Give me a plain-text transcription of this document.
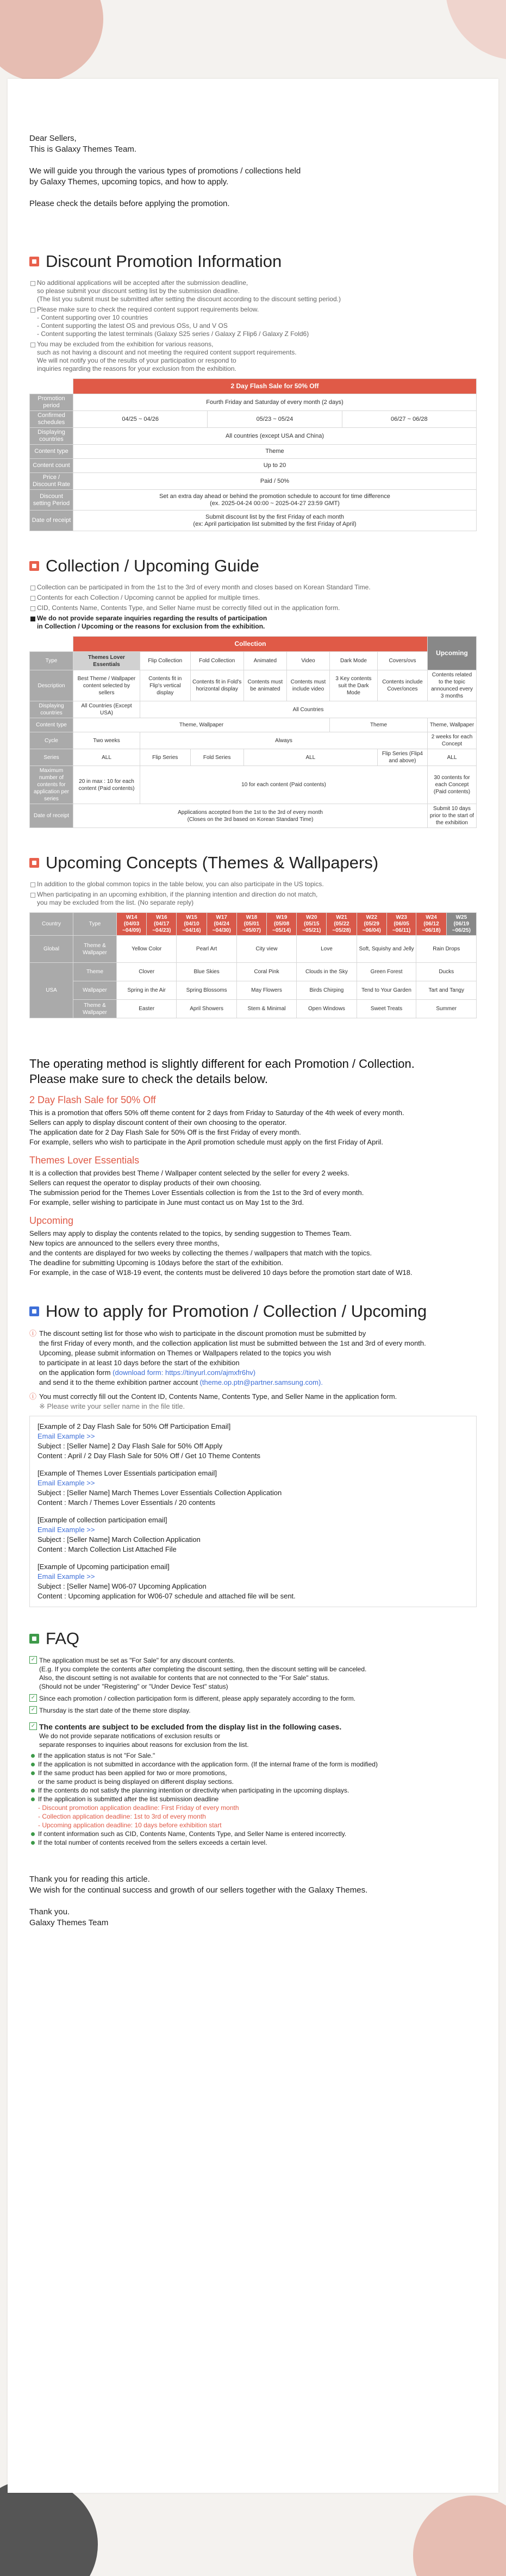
Dear Sellers,

This is Galaxy Themes Team.

We will guide you through the various types of promotions / collections held

by Galaxy Themes, upcoming topics, and how to apply.

Please check the details before applying the promotion.

Discount Promotion Information

No additional applications will be accepted after the submission deadline,
so please submit your discount setting list by the submission deadline.
(The list you submit must be submitted after setting the discount according to the discount setting period.)

Please make sure to check the required content support requirements below.
- Content supporting over 10 countries
- Content supporting the latest OS and previous OSs, U and V OS
- Content supporting the latest terminals (Galaxy S25 series / Galaxy Z Flip6 / Galaxy Z Fold6)

You may be excluded from the exhibition for various reasons,
such as not having a discount and not meeting the required content support requirements.
We will not notify you of the results of your participation or respond to
inquiries regarding the reasons for your exclusion from the exhibition.

	2 Day Flash Sale for 50% Off		
Promotion period	Fourth Friday and Saturday of every month (2 days)		
Confirmed schedules	04/25 ~ 04/26	05/23 ~ 05/24	06/27 ~ 06/28
Displaying countries	All countries (except USA and China)		
Content type	Theme		
Content count	Up to 20		
Price / Discount Rate	Paid / 50%		
Discount setting Period	Set an extra day ahead or behind the promotion schedule to account for time difference
(ex. 2025-04-24 00:00 ~ 2025-04-27 23:59 GMT)		
Date of receipt	Submit discount list by the first Friday of each month
(ex: April participation list submitted by the first Friday of April)		
Collection / Upcoming Guide

Collection can be participated in from the 1st to the 3rd of every month and closes based on Korean Standard Time.

Contents for each Collection / Upcoming cannot be applied for multiple times.

CID, Contents Name, Contents Type, and Seller Name must be correctly filled out in the application form.

We do not provide separate inquiries regarding the results of participation
in Collection / Upcoming or the reasons for exclusion from the exhibition.

	Collection							Upcoming
Type	Themes Lover Essentials	Flip Collection	Fold Collection	Animated	Video	Dark Mode	Covers/ovs	
Description	Best Theme / Wallpaper content selected by sellers	Contents fit in Flip's vertical display	Contents fit in Fold's horizontal display	Contents must be animated	Contents must include video	3 Key contents suit the Dark Mode	Contents include Cover/onces	Contents related to the topic announced every 3 months
Displaying countries	All Countries (Except USA)	All Countries						
Content type	Theme, Wallpaper					Theme		Theme, Wallpaper
Cycle	Two weeks	Always						2 weeks for each Concept
Series	ALL	Flip Series	Fold Series	ALL			Flip Series (Flip4 and above)	ALL
Maximum number of contents for application per series	20 in max : 10 for each content (Paid contents)	10 for each content (Paid contents)						30 contents for each Concept (Paid contents)
Date of receipt	Applications accepted from the 1st to the 3rd of every month
(Closes on the 3rd based on Korean Standard Time)							Submit 10 days prior to the start of the exhibition
Upcoming Concepts (Themes & Wallpapers)

In addition to the global common topics in the table below, you can also participate in the US topics.

When participating in an upcoming exhibition, if the planning intention and direction do not match,
you may be excluded from the list. (No separate reply)

Country	Type	W14 (04/03 ~04/09)	W16 (04/17 ~04/23)	W15 (04/10 ~04/16)	W17 (04/24 ~04/30)	W18 (05/01 ~05/07)	W19 (05/08 ~05/14)	W20 (05/15 ~05/21)	W21 (05/22 ~05/28)	W22 (05/29 ~06/04)	W23 (06/05 ~06/11)	W24 (06/12 ~06/18)	W25 (06/19 ~06/25)
Global	Theme & Wallpaper	Yellow Color		Pearl Art		City view		Love		Soft, Squishy and Jelly		Rain Drops	
USA	Theme	Clover		Blue Skies		Coral Pink		Clouds in the Sky		Green Forest		Ducks	
	Wallpaper	Spring in the Air		Spring Blossoms		May Flowers		Birds Chirping		Tend to Your Garden		Tart and Tangy	
	Theme & Wallpaper	Easter		April Showers		Stem & Minimal		Open Windows		Sweet Treats		Summer	

The operating method is slightly different for each Promotion / Collection.

Please make sure to check the details below.

2 Day Flash Sale for 50% Off

This is a promotion that offers 50% off theme content for 2 days from Friday to Saturday of the 4th week of every month.

Sellers can apply to display discount content of their own choosing to the operator.

The application date for 2 Day Flash Sale for 50% Off is the first Friday of every month.

For example, sellers who wish to participate in the April promotion schedule must apply on the first Friday of April.

Themes Lover Essentials

It is a collection that provides best Theme / Wallpaper content selected by the seller for every 2 weeks.

Sellers can request the operator to display products of their own choosing.

The submission period for the Themes Lover Essentials collection is from the 1st to the 3rd of every month.

For example, seller wishing to participate in June must contact us on May 1st to the 3rd.

Upcoming

Sellers may apply to display the contents related to the topics, by sending suggestion to Themes Team.

New topics are announced to the sellers every three months,

and the contents are displayed for two weeks by collecting the themes / wallpapers that match with the topics.

The deadline for submitting Upcoming is 10days before the start of the exhibition.

For example, in the case of W18-19 event, the contents must be delivered 10 days before the promotion start date of W18.

How to apply for Promotion / Collection / Upcoming

ⓘ The discount setting list for those who wish to participate in the discount promotion must be submitted by
the first Friday of every month, and the collection application list must be submitted between the 1st and 3rd of every month.
Upcoming, please submit information on Themes or Wallpapers related to the topics you wish
to participate in at least 10 days before the start of the exhibition
on the application form (download form: https://tinyurl.com/ajmxfr6hv)
and send it to the theme exhibition partner account (theme.op.ptn@partner.samsung.com).

ⓘ You must correctly fill out the Content ID, Contents Name, Contents Type, and Seller Name in the application form.
※ Please write your seller name in the file title.

[Example of 2 Day Flash Sale for 50% Off Participation Email]

Email Example >>

Subject : [Seller Name] 2 Day Flash Sale for 50% Off Apply

Content : April / 2 Day Flash Sale for 50% Off / Get 10 Theme Contents

[Example of Themes Lover Essentials participation email]

Email Example >>

Subject : [Seller Name] March Themes Lover Essentials Collection Application

Content : March / Themes Lover Essentials / 20 contents

[Example of collection participation email]

Email Example >>

Subject : [Seller Name] March Collection Application

Content : March Collection List Attached File

[Example of Upcoming participation email]

Email Example >>

Subject : [Seller Name] W06-07 Upcoming Application

Content : Upcoming application for W06-07 schedule and attached file will be sent.

FAQ

✓ The application must be set as "For Sale" for any discount contents.
(E.g. If you complete the contents after completing the discount setting, then the discount setting will be canceled.
Also, the discount setting is not available for contents that are not connected to the "For Sale" status.
(Should not be under "Registering" or "Under Device Test" status)

✓ Since each promotion / collection participation form is different, please apply separately according to the form.

✓ Thursday is the start date of the theme store display.

✓ The contents are subject to be excluded from the display list in the following cases.
We do not provide separate notifications of exclusion results or
separate responses to inquiries about reasons for exclusion from the list.

If the application status is not "For Sale."

If the application is not submitted in accordance with the application form. (If the internal frame of the form is modified)

If the same product has been applied for two or more promotions,
or the same product is being displayed on different display sections.

If the contents do not satisfy the planning intention or directivity when participating in the upcoming displays.

If the application is submitted after the list submission deadline

- Discount promotion application deadline: First Friday of every month

- Collection application deadline: 1st to 3rd of every month

- Upcoming application deadline: 10 days before exhibition start

If content information such as CID, Contents Name, Contents Type, and Seller Name is entered incorrectly.

If the total number of contents received from the sellers exceeds a certain level.

Thank you for reading this article.

We wish for the continual success and growth of our sellers together with the Galaxy Themes.

Thank you.

Galaxy Themes Team
